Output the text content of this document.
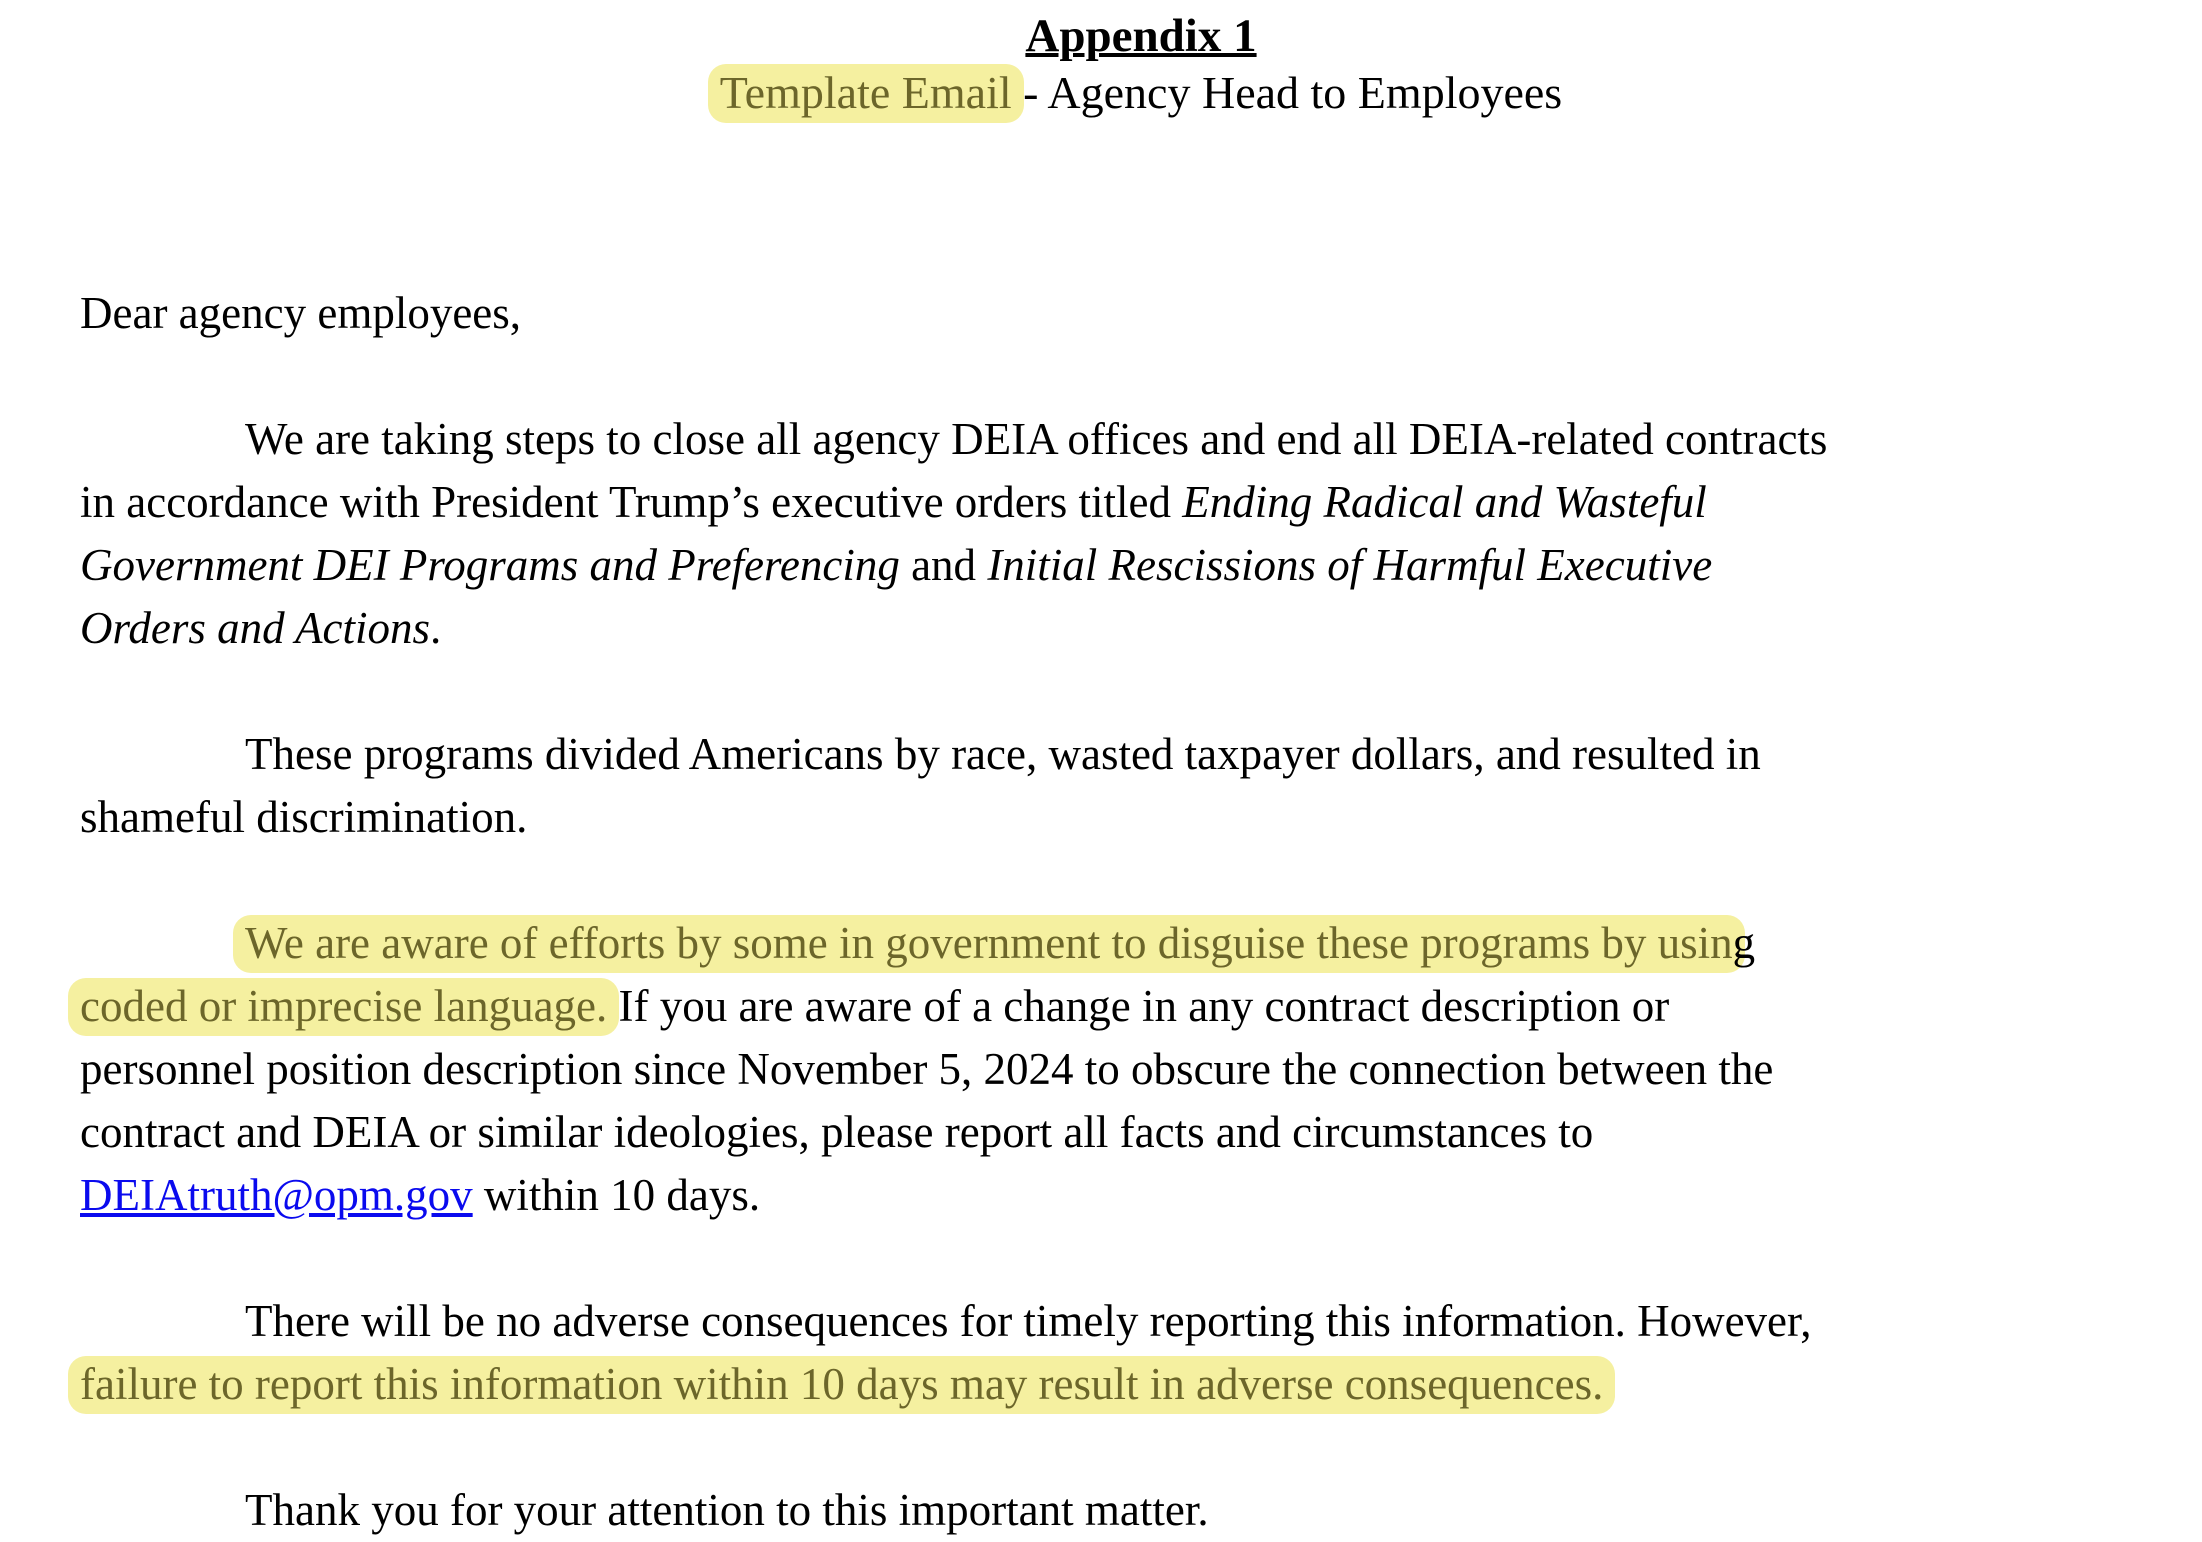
Appendix 1
Template Email - Agency Head to Employees
Dear agency employees,
We are taking steps to close all agency DEIA offices and end all DEIA-related contracts
in accordance with President Trump’s executive orders titled Ending Radical and Wasteful
Government DEI Programs and Preferencing and Initial Rescissions of Harmful Executive
Orders and Actions.
These programs divided Americans by race, wasted taxpayer dollars, and resulted in
shameful discrimination.
We are aware of efforts by some in government to disguise these programs by using
coded or imprecise language. If you are aware of a change in any contract description or
personnel position description since November 5, 2024 to obscure the connection between the
contract and DEIA or similar ideologies, please report all facts and circumstances to
DEIAtruth@opm.gov within 10 days.
There will be no adverse consequences for timely reporting this information. However,
failure to report this information within 10 days may result in adverse consequences.
Thank you for your attention to this important matter.
